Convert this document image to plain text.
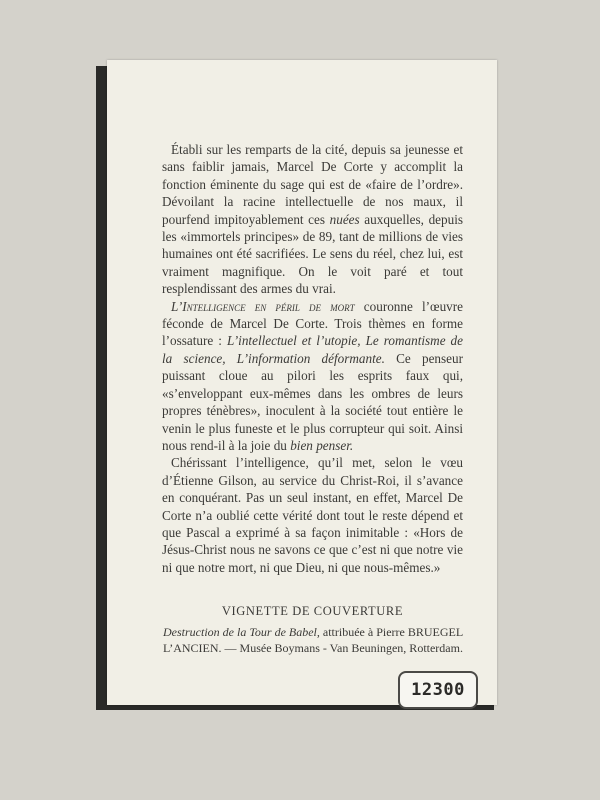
Établi sur les remparts de la cité, depuis sa jeunesse et sans faiblir jamais, Marcel De Corte y accomplit la fonction éminente du sage qui est de «faire de l’ordre». Dévoilant la racine intellectuelle de nos maux, il pourfend impitoyablement ces nuées auxquelles, depuis les «immortels principes» de 89, tant de millions de vies humaines ont été sacrifiées. Le sens du réel, chez lui, est vraiment magnifique. On le voit paré et tout resplendissant des armes du vrai.

L’Intelligence en péril de mort couronne l’œuvre féconde de Marcel De Corte. Trois thèmes en forme l’ossature : L’intellectuel et l’utopie, Le romantisme de la science, L’information déformante. Ce penseur puissant cloue au pilori les esprits faux qui, «s’enveloppant eux-mêmes dans les ombres de leurs propres ténèbres», inoculent à la société tout entière le venin le plus funeste et le plus corrupteur qui soit. Ainsi nous rend-il à la joie du bien penser.

Chérissant l’intelligence, qu’il met, selon le vœu d’Étienne Gilson, au service du Christ-Roi, il s’avance en conquérant. Pas un seul instant, en effet, Marcel De Corte n’a oublié cette vérité dont tout le reste dépend et que Pascal a exprimé à sa façon inimitable : «Hors de Jésus-Christ nous ne savons ce que c’est ni que notre vie ni que notre mort, ni que Dieu, ni que nous-mêmes.»

VIGNETTE DE COUVERTURE
Destruction de la Tour de Babel, attribuée à Pierre BRUEGEL L’ANCIEN. — Musée Boymans - Van Beuningen, Rotterdam.
12300
